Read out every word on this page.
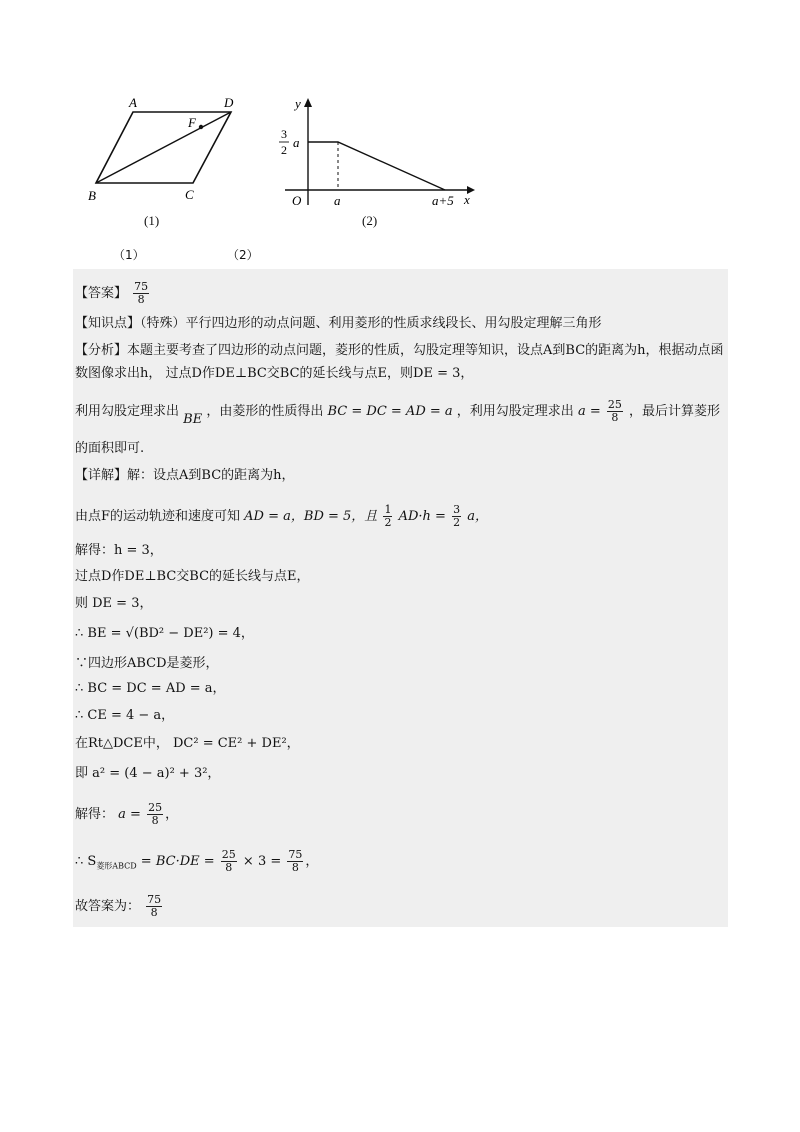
A	D
F
B	C
(1)
y
x
O
3
2 a
a	a+5
(2)
（1）	（2）
【答案】 $\frac{75}{8}$
【知识点】（特殊）平行四边形的动点问题、利用菱形的性质求线段长、用勾股定理解三角形
【分析】本题主要考查了四边形的动点问题，菱形的性质，勾股定理等知识，设点A到BC的距离为h，根据动点函数图像求出h， 过点D作DE⊥BC交BC的延长线与点E，则DE = 3，
利用勾股定理求出 BE ，由菱形的性质得出 BC = DC = AD = a ，利用勾股定理求出 $a = \frac{25}{8}$ ，最后计算菱形
的面积即可.
【详解】解：设点A到BC的距离为h，
由点F的运动轨迹和速度可知 AD = a，BD = 5，且 $\frac{1}{2} AD\cdot h = \frac{3}{2}$ a，
解得：h = 3，
过点D作DE⊥BC交BC的延长线与点E，
则 DE = 3，
∴ BE = √(BD² − DE²) = 4，
∵四边形ABCD是菱形，
∴ BC = DC = AD = a，
∴ CE = 4 − a，
在Rt△DCE中， DC² = CE² + DE²，
即 a² = (4 − a)² + 3²，
解得： $a = \frac{25}{8}$ ，
∴ $S_{菱形ABCD} = BC\cdot DE = \frac{25}{8} \times 3 = \frac{75}{8}$ ，
故答案为： $\frac{75}{8}$
